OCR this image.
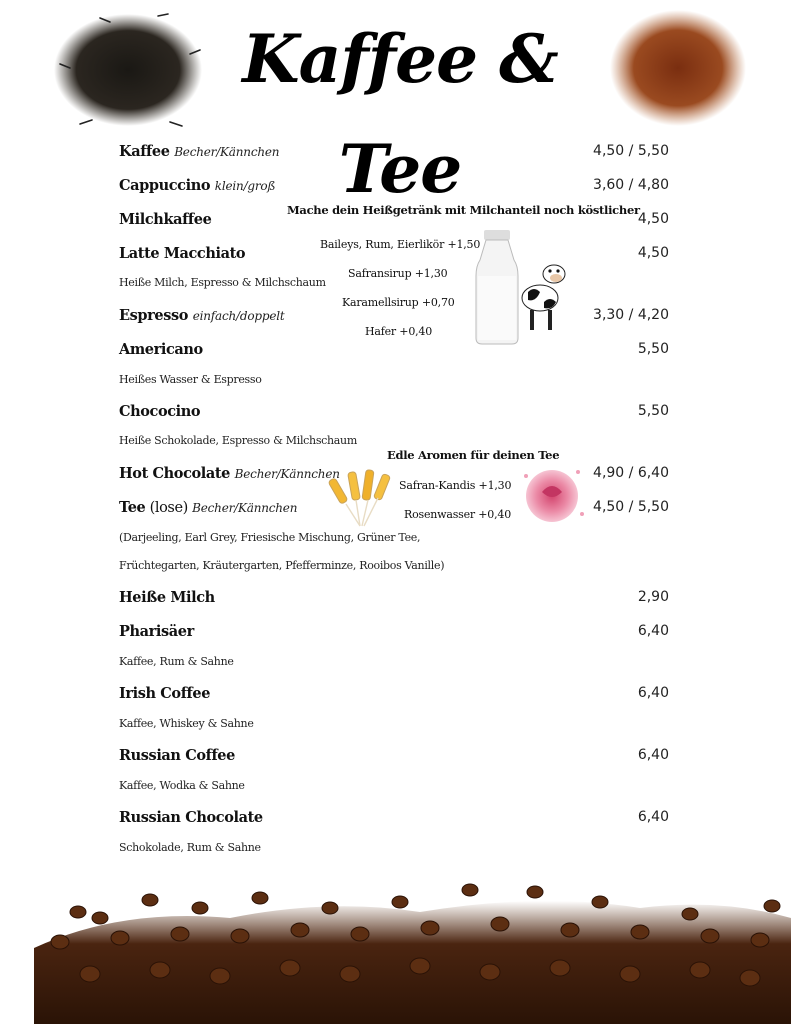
Kaffee & Tee
Kaffee Becher/Kännchen	4,50 / 5,50
Cappuccino klein/groß	3,60 / 4,80
Milchkaffee	4,50
Latte Macchiato	4,50
Heiße Milch, Espresso & Milchschaum
Espresso einfach/doppelt	3,30 / 4,20
Americano	5,50
Heißes Wasser & Espresso
Chococino	5,50
Heiße Schokolade, Espresso & Milchschaum
Hot Chocolate Becher/Kännchen	4,90 / 6,40
Tee (lose) Becher/Kännchen	4,50 / 5,50
(Darjeeling, Earl Grey, Friesische Mischung, Grüner Tee,
Früchtegarten, Kräutergarten, Pfefferminze, Rooibos Vanille)
Heiße Milch	2,90
Pharisäer	6,40
Kaffee, Rum & Sahne
Irish Coffee	6,40
Kaffee, Whiskey & Sahne
Russian Coffee	6,40
Kaffee, Wodka & Sahne
Russian Chocolate	6,40
Schokolade, Rum & Sahne
Mache dein Heißgetränk mit Milchanteil noch köstlicher
Baileys, Rum, Eierlikör +1,50
Safransirup +1,30
Karamellsirup +0,70
Hafer +0,40
Edle Aromen für deinen Tee
Safran-Kandis +1,30
Rosenwasser +0,40
